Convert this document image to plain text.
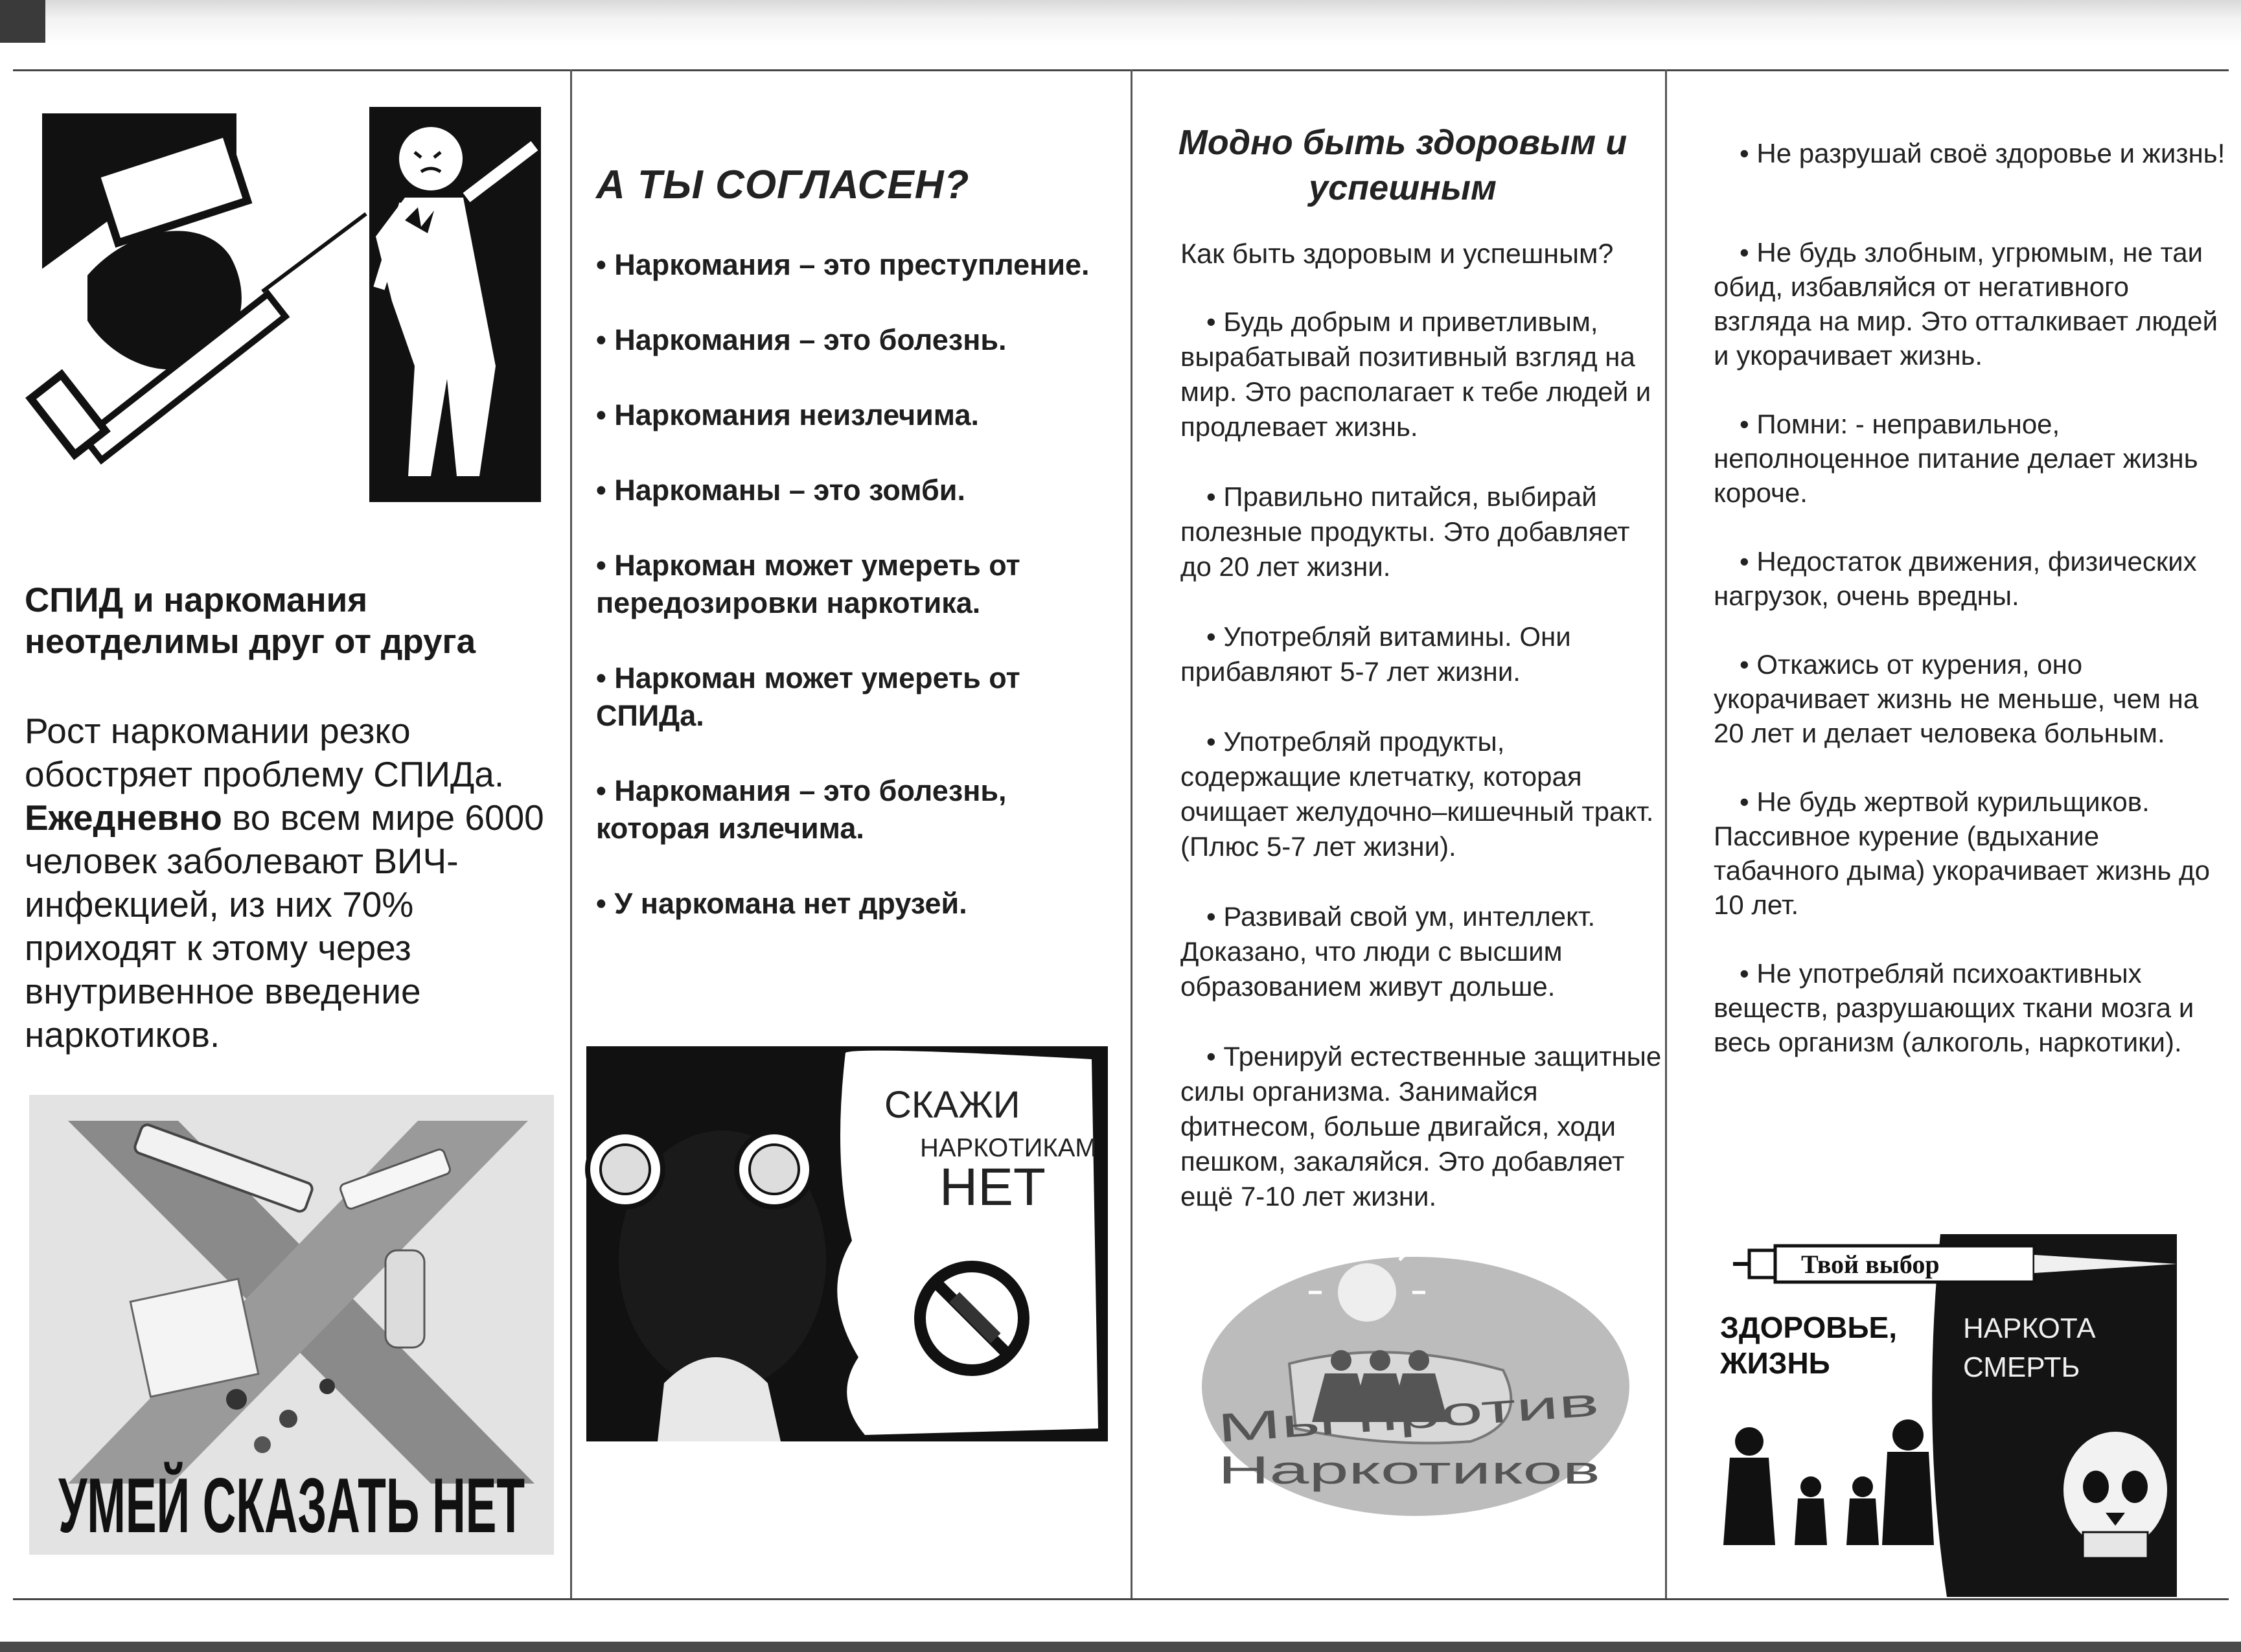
СПИД и наркомания неотделимы друг от друга
Рост наркомании резко обостряет проблему СПИДа. Ежедневно во всем мире 6000 человек заболевают ВИЧ-инфекцией, из них 70% приходят к этому через внутривенное введение наркотиков.
УМЕЙ СКАЗАТЬ НЕТ
А ТЫ СОГЛАСЕН?
• Наркомания – это преступление.
• Наркомания – это болезнь.
• Наркомания неизлечима.
• Наркоманы – это зомби.
• Наркоман может умереть от передозировки наркотика.
• Наркоман может умереть от СПИДа.
• Наркомания – это болезнь, которая излечима.
• У наркомана нет друзей.
СКАЖИ
НАРКОТИКАМ
НЕТ
Модно быть здоровым и успешным
Как быть здоровым и успешным?
• Будь добрым и приветливым, вырабатывай позитивный взгляд на мир. Это располагает к тебе людей и продлевает жизнь.
• Правильно питайся, выбирай полезные продукты. Это добавляет до 20 лет жизни.
• Употребляй витамины. Они прибавляют 5-7 лет жизни.
• Употребляй продукты, содержащие клетчатку, которая очищает желудочно–кишечный тракт. (Плюс 5-7 лет жизни).
• Развивай свой ум, интеллект. Доказано, что люди с высшим образованием живут дольше.
• Тренируй естественные защитные силы организма. Занимайся фитнесом, больше двигайся, ходи пешком, закаляйся. Это добавляет ещё 7-10 лет жизни.
Мы против
Наркотиков
• Не разрушай своё здоровье и жизнь!
• Не будь злобным, угрюмым, не таи обид, избавляйся от негативного взгляда на мир. Это отталкивает людей и укорачивает жизнь.
• Помни: - неправильное, неполноценное питание делает жизнь короче.
• Недостаток движения, физических нагрузок, очень вредны.
• Откажись от курения, оно укорачивает жизнь не меньше, чем на 20 лет и делает человека больным.
• Не будь жертвой курильщиков. Пассивное курение (вдыхание табачного дыма) укорачивает жизнь до 10 лет.
• Не употребляй психоактивных веществ, разрушающих ткани мозга и весь организм (алкоголь, наркотики).
Твой выбор
ЗДОРОВЬЕ,
ЖИЗНЬ
НАРКОТА
СМЕРТЬ
